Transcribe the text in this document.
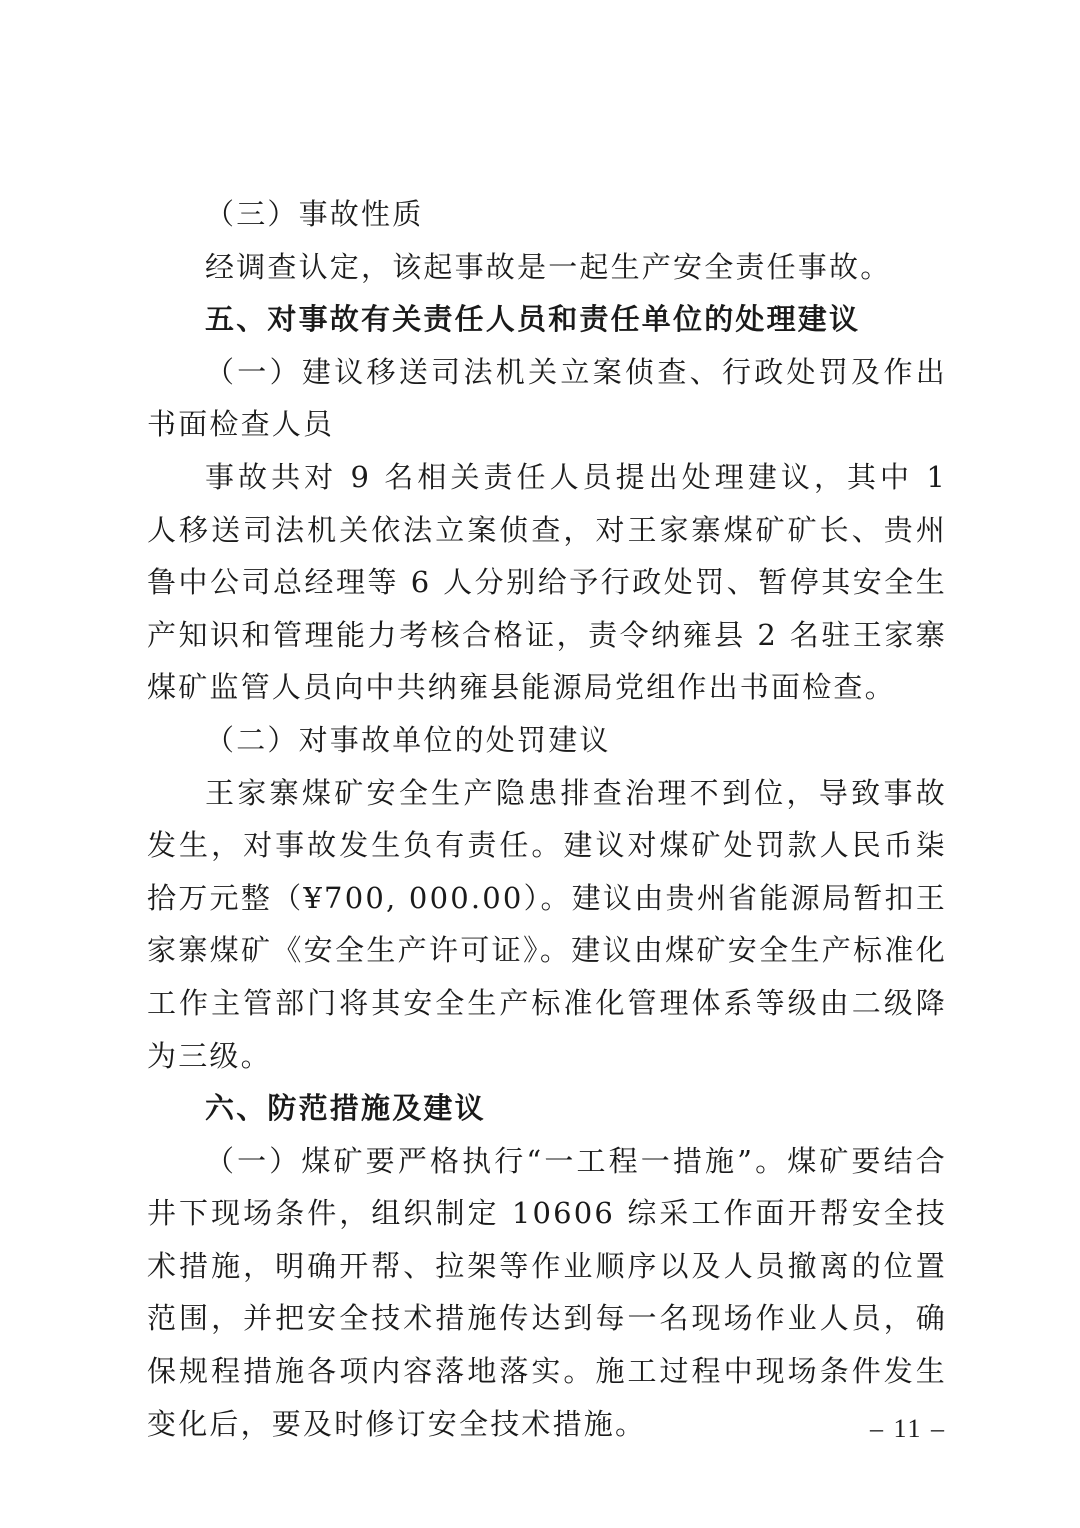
（三）事故性质

经调查认定，该起事故是一起生产安全责任事故。

五、对事故有关责任人员和责任单位的处理建议

（一）建议移送司法机关立案侦查、行政处罚及作出书面检查人员

事故共对 9 名相关责任人员提出处理建议，其中 1 人移送司法机关依法立案侦查，对王家寨煤矿矿长、贵州鲁中公司总经理等 6 人分别给予行政处罚、暂停其安全生产知识和管理能力考核合格证，责令纳雍县 2 名驻王家寨煤矿监管人员向中共纳雍县能源局党组作出书面检查。

（二）对事故单位的处罚建议

王家寨煤矿安全生产隐患排查治理不到位，导致事故发生，对事故发生负有责任。建议对煤矿处罚款人民币柒拾万元整（¥700, 000.00）。建议由贵州省能源局暂扣王家寨煤矿《安全生产许可证》。建议由煤矿安全生产标准化工作主管部门将其安全生产标准化管理体系等级由二级降为三级。

六、防范措施及建议

（一）煤矿要严格执行“一工程一措施”。煤矿要结合井下现场条件，组织制定 10606 综采工作面开帮安全技术措施，明确开帮、拉架等作业顺序以及人员撤离的位置范围，并把安全技术措施传达到每一名现场作业人员，确保规程措施各项内容落地落实。施工过程中现场条件发生变化后，要及时修订安全技术措施。	– 11 –
